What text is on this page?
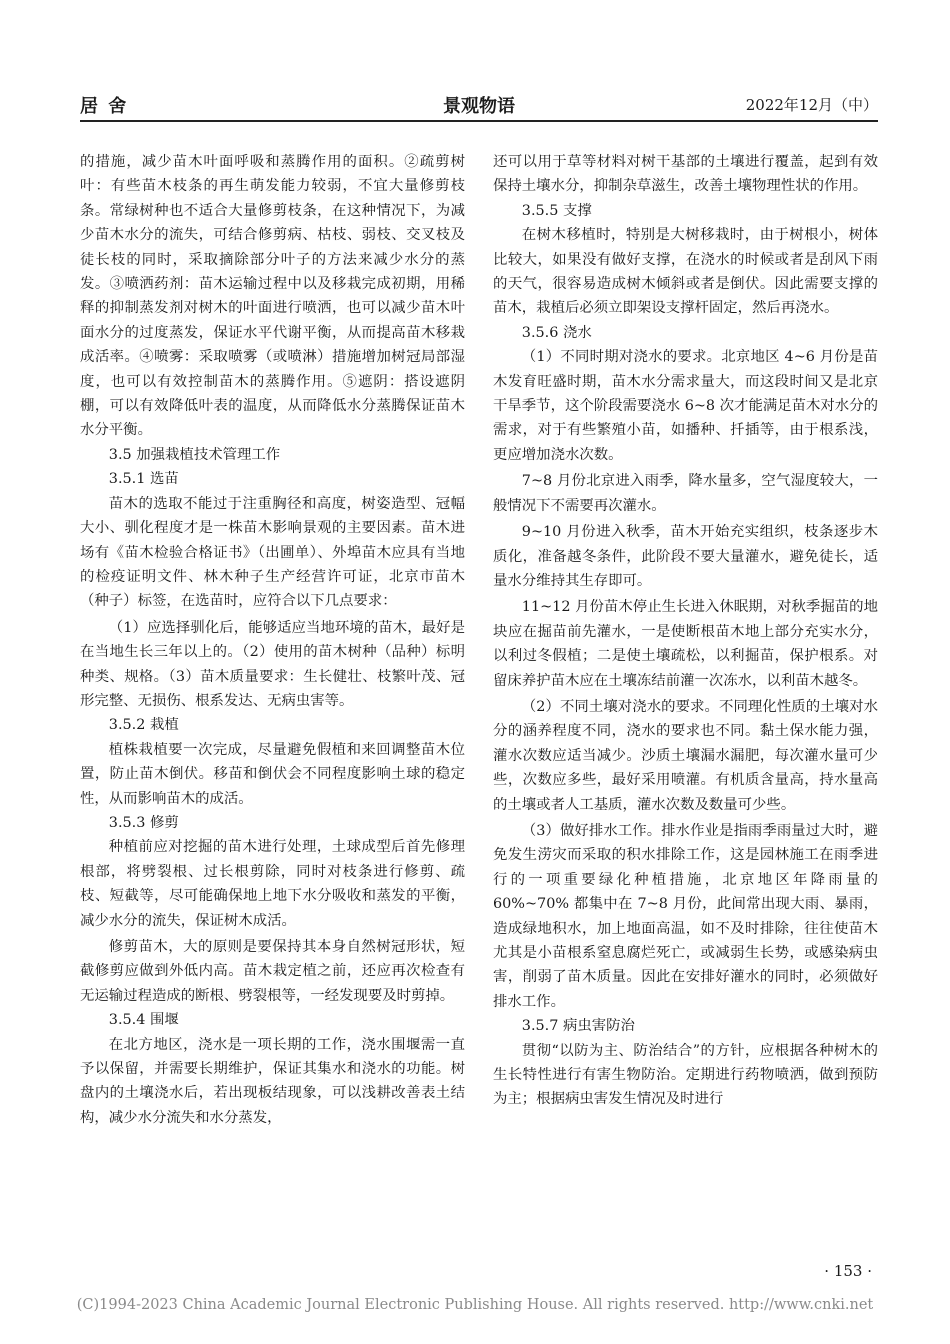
居 舍	景观物语	2022年12月（中）

的措施，减少苗木叶面呼吸和蒸腾作用的面积。②疏剪树叶：有些苗木枝条的再生萌发能力较弱，不宜大量修剪枝条。常绿树种也不适合大量修剪枝条，在这种情况下，为减少苗木水分的流失，可结合修剪病、枯枝、弱枝、交叉枝及徒长枝的同时，采取摘除部分叶子的方法来减少水分的蒸发。③喷洒药剂：苗木运输过程中以及移栽完成初期，用稀释的抑制蒸发剂对树木的叶面进行喷洒，也可以减少苗木叶面水分的过度蒸发，保证水平代谢平衡，从而提高苗木移栽成活率。④喷雾：采取喷雾（或喷淋）措施增加树冠局部湿度，也可以有效控制苗木的蒸腾作用。⑤遮阴：搭设遮阴棚，可以有效降低叶表的温度，从而降低水分蒸腾保证苗木水分平衡。

3.5 加强栽植技术管理工作

3.5.1 选苗

苗木的选取不能过于注重胸径和高度，树姿造型、冠幅大小、驯化程度才是一株苗木影响景观的主要因素。苗木进场有《苗木检验合格证书》（出圃单）、外埠苗木应具有当地的检疫证明文件、林木种子生产经营许可证，北京市苗木（种子）标签，在选苗时，应符合以下几点要求：

（1）应选择驯化后，能够适应当地环境的苗木，最好是在当地生长三年以上的。（2）使用的苗木树种（品种）标明种类、规格。（3）苗木质量要求：生长健壮、枝繁叶茂、冠形完整、无损伤、根系发达、无病虫害等。

3.5.2 栽植

植株栽植要一次完成，尽量避免假植和来回调整苗木位置，防止苗木倒伏。移苗和倒伏会不同程度影响土球的稳定性，从而影响苗木的成活。

3.5.3 修剪

种植前应对挖掘的苗木进行处理，土球成型后首先修理根部，将劈裂根、过长根剪除，同时对枝条进行修剪、疏枝、短截等，尽可能确保地上地下水分吸收和蒸发的平衡，减少水分的流失，保证树木成活。

修剪苗木，大的原则是要保持其本身自然树冠形状，短截修剪应做到外低内高。苗木栽定植之前，还应再次检查有无运输过程造成的断根、劈裂根等，一经发现要及时剪掉。

3.5.4 围堰

在北方地区，浇水是一项长期的工作，浇水围堰需一直予以保留，并需要长期维护，保证其集水和浇水的功能。树盘内的土壤浇水后，若出现板结现象，可以浅耕改善表土结构，减少水分流失和水分蒸发，

还可以用于草等材料对树干基部的土壤进行覆盖，起到有效保持土壤水分，抑制杂草滋生，改善土壤物理性状的作用。

3.5.5 支撑

在树木移植时，特别是大树移栽时，由于树根小，树体比较大，如果没有做好支撑，在浇水的时候或者是刮风下雨的天气，很容易造成树木倾斜或者是倒伏。因此需要支撑的苗木，栽植后必须立即架设支撑杆固定，然后再浇水。

3.5.6 浇水

（1）不同时期对浇水的要求。北京地区 4~6 月份是苗木发育旺盛时期，苗木水分需求量大，而这段时间又是北京干旱季节，这个阶段需要浇水 6~8 次才能满足苗木对水分的需求，对于有些繁殖小苗，如播种、扦插等，由于根系浅，更应增加浇水次数。

7~8 月份北京进入雨季，降水量多，空气湿度较大，一般情况下不需要再次灌水。

9~10 月份进入秋季，苗木开始充实组织，枝条逐步木质化，准备越冬条件，此阶段不要大量灌水，避免徒长，适量水分维持其生存即可。

11~12 月份苗木停止生长进入休眠期，对秋季掘苗的地块应在掘苗前先灌水，一是使断根苗木地上部分充实水分，以利过冬假植；二是使土壤疏松，以利掘苗，保护根系。对留床养护苗木应在土壤冻结前灌一次冻水，以利苗木越冬。

（2）不同土壤对浇水的要求。不同理化性质的土壤对水分的涵养程度不同，浇水的要求也不同。黏土保水能力强，灌水次数应适当减少。沙质土壤漏水漏肥，每次灌水量可少些，次数应多些，最好采用喷灌。有机质含量高，持水量高的土壤或者人工基质，灌水次数及数量可少些。

（3）做好排水工作。排水作业是指雨季雨量过大时，避免发生涝灾而采取的积水排除工作，这是园林施工在雨季进行的一项重要绿化种植措施，北京地区年降雨量的 60%~70% 都集中在 7~8 月份，此间常出现大雨、暴雨，造成绿地积水，加上地面高温，如不及时排除，往往使苗木尤其是小苗根系窒息腐烂死亡，或减弱生长势，或感染病虫害，削弱了苗木质量。因此在安排好灌水的同时，必须做好排水工作。

3.5.7 病虫害防治

贯彻“以防为主、防治结合”的方针，应根据各种树木的生长特性进行有害生物防治。定期进行药物喷洒，做到预防为主；根据病虫害发生情况及时进行

· 153 ·
(C)1994-2023 China Academic Journal Electronic Publishing House. All rights reserved. http://www.cnki.net
